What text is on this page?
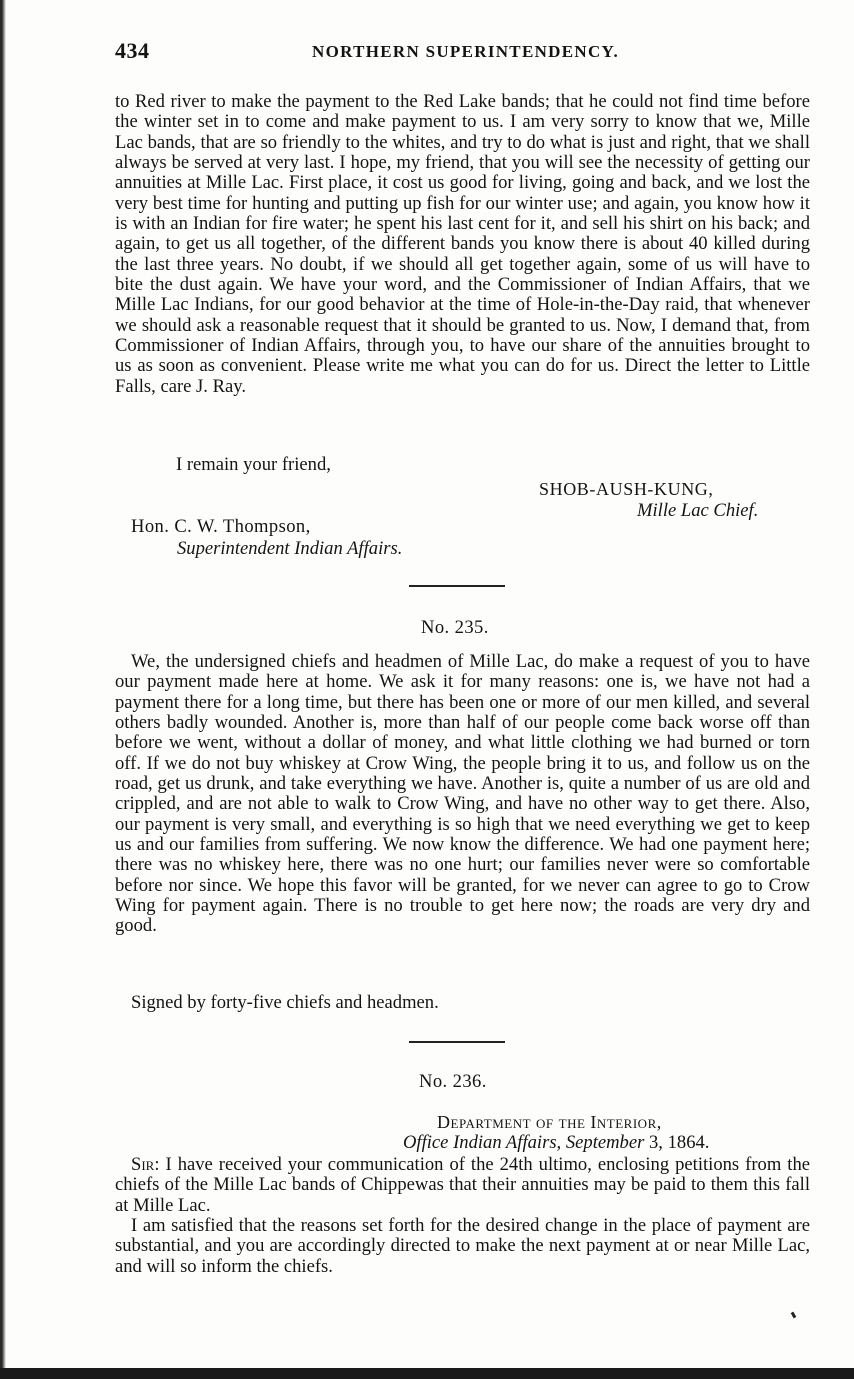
434	NORTHERN SUPERINTENDENCY.

to Red river to make the payment to the Red Lake bands; that he could not find time before the winter set in to come and make payment to us. I am very sorry to know that we, Mille Lac bands, that are so friendly to the whites, and try to do what is just and right, that we shall always be served at very last. I hope, my friend, that you will see the necessity of getting our annuities at Mille Lac. First place, it cost us good for living, going and back, and we lost the very best time for hunting and putting up fish for our winter use; and again, you know how it is with an Indian for fire water; he spent his last cent for it, and sell his shirt on his back; and again, to get us all together, of the different bands you know there is about 40 killed during the last three years. No doubt, if we should all get together again, some of us will have to bite the dust again. We have your word, and the Commissioner of Indian Affairs, that we Mille Lac Indians, for our good behavior at the time of Hole-in-the-Day raid, that whenever we should ask a reasonable request that it should be granted to us. Now, I demand that, from Commissioner of Indian Affairs, through you, to have our share of the annuities brought to us as soon as convenient. Please write me what you can do for us. Direct the letter to Little Falls, care J. Ray.

I remain your friend,
SHOB-AUSH-KUNG,
Mille Lac Chief.
Hon. C. W. Thompson,
Superintendent Indian Affairs.
No. 235.

We, the undersigned chiefs and headmen of Mille Lac, do make a request of you to have our payment made here at home. We ask it for many reasons: one is, we have not had a payment there for a long time, but there has been one or more of our men killed, and several others badly wounded. Another is, more than half of our people come back worse off than before we went, without a dollar of money, and what little clothing we had burned or torn off. If we do not buy whiskey at Crow Wing, the people bring it to us, and follow us on the road, get us drunk, and take everything we have. Another is, quite a number of us are old and crippled, and are not able to walk to Crow Wing, and have no other way to get there. Also, our payment is very small, and everything is so high that we need everything we get to keep us and our families from suffering. We now know the difference. We had one payment here; there was no whiskey here, there was no one hurt; our families never were so comfortable before nor since. We hope this favor will be granted, for we never can agree to go to Crow Wing for payment again. There is no trouble to get here now; the roads are very dry and good.

Signed by forty-five chiefs and headmen.
No. 236.
Department of the Interior,
Office Indian Affairs, September 3, 1864.

Sir: I have received your communication of the 24th ultimo, enclosing petitions from the chiefs of the Mille Lac bands of Chippewas that their annuities may be paid to them this fall at Mille Lac.

I am satisfied that the reasons set forth for the desired change in the place of payment are substantial, and you are accordingly directed to make the next payment at or near Mille Lac, and will so inform the chiefs.
